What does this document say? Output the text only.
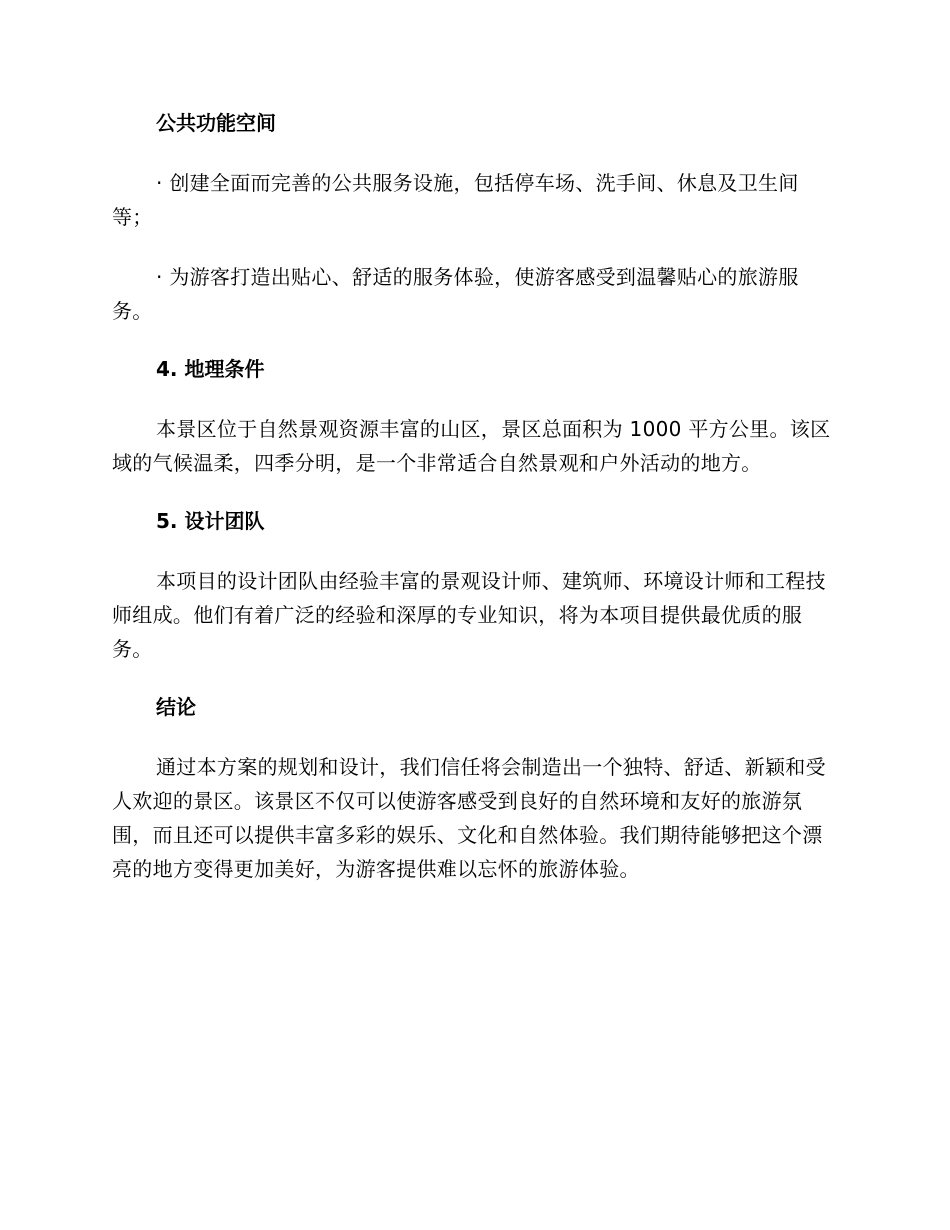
公共功能空间
· 创建全面而完善的公共服务设施，包括停车场、洗手间、休息及卫生间等；
· 为游客打造出贴心、舒适的服务体验，使游客感受到温馨贴心的旅游服务。
4. 地理条件
本景区位于自然景观资源丰富的山区，景区总面积为 1000 平方公里。该区域的气候温柔，四季分明，是一个非常适合自然景观和户外活动的地方。
5. 设计团队
本项目的设计团队由经验丰富的景观设计师、建筑师、环境设计师和工程技师组成。他们有着广泛的经验和深厚的专业知识，将为本项目提供最优质的服务。
结论
通过本方案的规划和设计，我们信任将会制造出一个独特、舒适、新颖和受人欢迎的景区。该景区不仅可以使游客感受到良好的自然环境和友好的旅游氛围，而且还可以提供丰富多彩的娱乐、文化和自然体验。我们期待能够把这个漂亮的地方变得更加美好，为游客提供难以忘怀的旅游体验。
